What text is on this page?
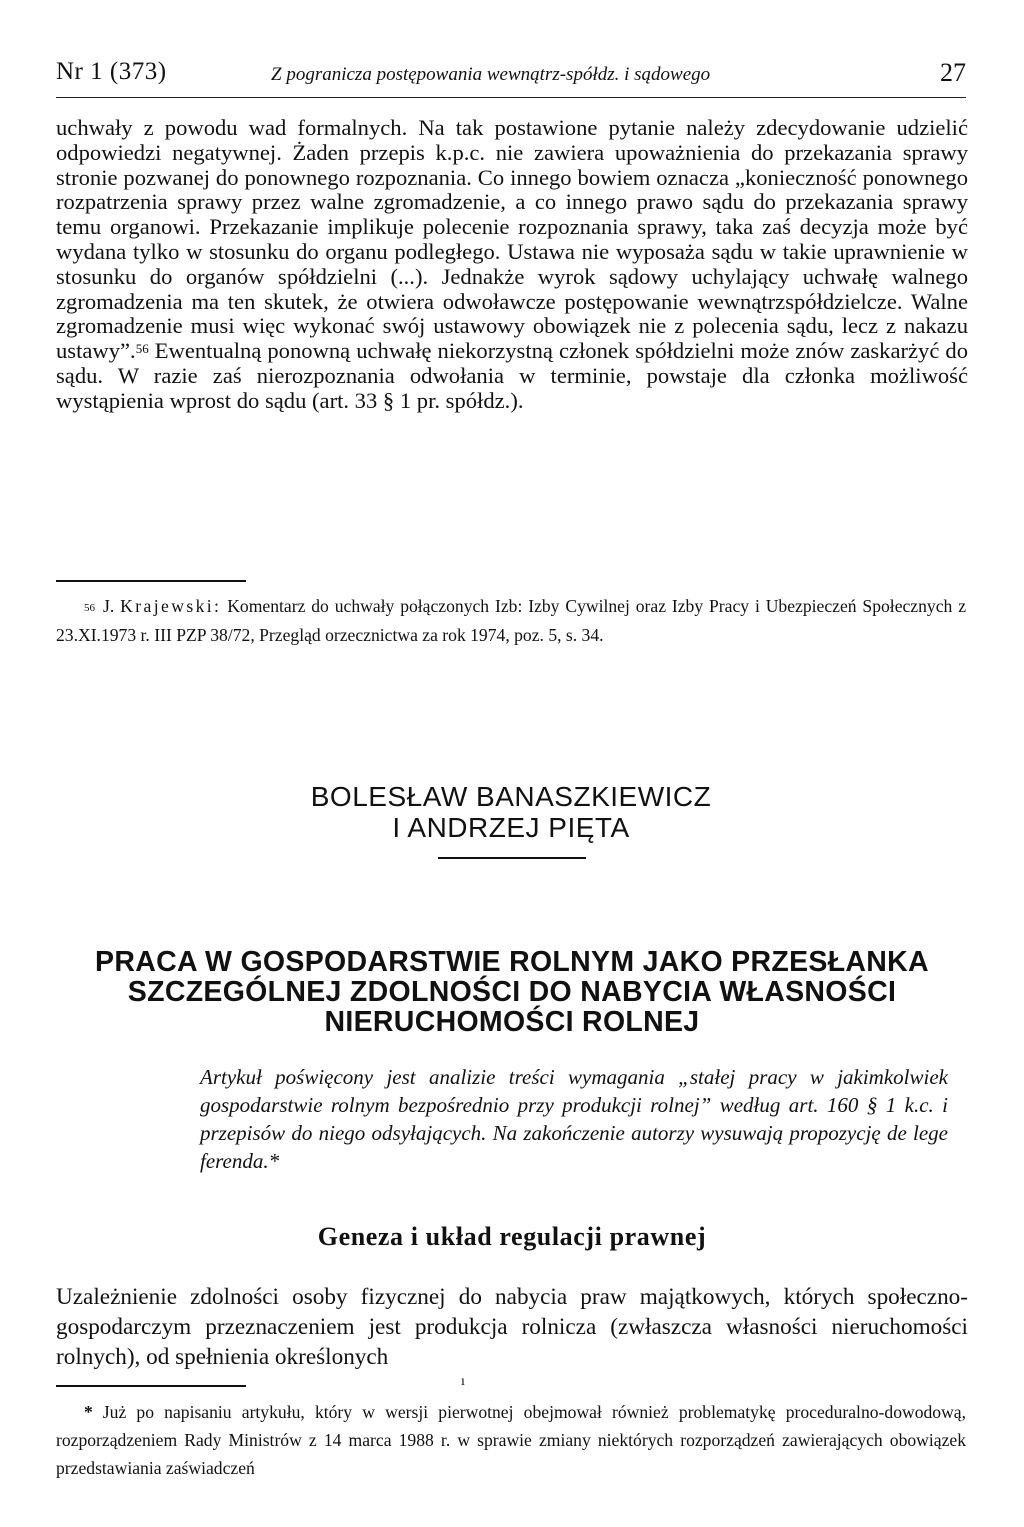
Nr 1 (373)	Z pogranicza postępowania wewnątrz-spółdz. i sądowego	27

uchwały z powodu wad formalnych. Na tak postawione pytanie należy zdecydowanie udzielić odpowiedzi negatywnej. Żaden przepis k.p.c. nie zawiera upoważnienia do przekazania sprawy stronie pozwanej do ponownego rozpoznania. Co innego bowiem oznacza „konieczność ponownego rozpatrzenia sprawy przez walne zgromadzenie, a co innego prawo sądu do przekazania sprawy temu organowi. Przekazanie implikuje polecenie rozpoznania sprawy, taka zaś decyzja może być wydana tylko w stosunku do organu podległego. Ustawa nie wyposaża sądu w takie uprawnienie w stosunku do organów spółdzielni (...). Jednakże wyrok sądowy uchylający uchwałę walnego zgromadzenia ma ten skutek, że otwiera odwoławcze postępowanie wewnątrzspółdzielcze. Walne zgromadzenie musi więc wykonać swój ustawowy obowiązek nie z polecenia sądu, lecz z nakazu ustawy”.$^{56}$ Ewentualną ponowną uchwałę niekorzystną członek spółdzielni może znów zaskarżyć do sądu. W razie zaś nierozpoznania odwołania w terminie, powstaje dla członka możliwość wystąpienia wprost do sądu (art. 33 § 1 pr. spółdz.).

$^{56}$ J. Krajewski: Komentarz do uchwały połączonych Izb: Izby Cywilnej oraz Izby Pracy i Ubezpieczeń Społecznych z 23.XI.1973 r. III PZP 38/72, Przegląd orzecznictwa za rok 1974, poz. 5, s. 34.

BOLESŁAW BANASZKIEWICZ
I ANDRZEJ PIĘTA
PRACA W GOSPODARSTWIE ROLNYM JAKO PRZESŁANKA
SZCZEGÓLNEJ ZDOLNOŚCI DO NABYCIA WŁASNOŚCI
NIERUCHOMOŚCI ROLNEJ

Artykuł poświęcony jest analizie treści wymagania „stałej pracy w jakimkolwiek gospodarstwie rolnym bezpośrednio przy produkcji rolnej” według art. 160 § 1 k.c. i przepisów do niego odsyłających. Na zakończenie autorzy wysuwają propozycję de lege ferenda.*

Geneza i układ regulacji prawnej

Uzależnienie zdolności osoby fizycznej do nabycia praw majątkowych, których społeczno-gospodarczym przeznaczeniem jest produkcja rolnicza (zwłaszcza własności nieruchomości rolnych), od spełnienia określonych

ı

* Już po napisaniu artykułu, który w wersji pierwotnej obejmował również problematykę proceduralno-dowodową, rozporządzeniem Rady Ministrów z 14 marca 1988 r. w sprawie zmiany niektórych rozporządzeń zawierających obowiązek przedstawiania zaświadczeń
